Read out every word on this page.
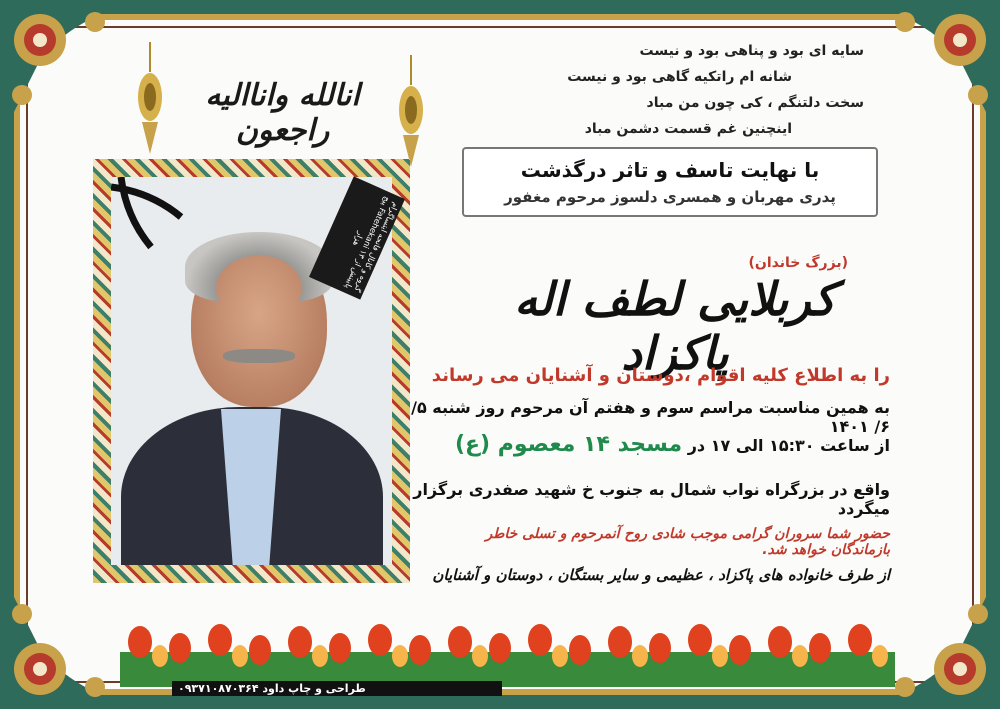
انالله وانااليه راجعون
سایه ای بود و پناهی بود و نیست
شانه ام راتکیه گاهی بود و نیست
سخت دلتنگم ، کی چون من مباد
اینچنین غم قسمت دشمن مباد
با نهایت تاسف و تاثر درگذشت
پدری مهربان و همسری دلسوز مرحوم مغفور
گروه و کانال فاتحه ایتساگرام پیج Fatehekani پایینش از ۱۳ هزار
(بزرگ خاندان)
کربلایی لطف اله پاکزاد
را به اطلاع کلیه اقوام ،دوستان و آشنایان می رساند
به همین مناسبت مراسم سوم و هفتم آن مرحوم روز شنبه ۵/ ۶/ ۱۴۰۱
از ساعت ۱۵:۳۰ الی ۱۷ در مسجد ۱۴ معصوم (ع)
واقع در بزرگراه نواب شمال به جنوب خ شهید صفدری برگزار میگردد
حضور شما سروران گرامی موجب شادی روح آنمرحوم و تسلی خاطر بازماندگان خواهد شد.
از طرف خانواده های پاکزاد ، عظیمی و سایر بستگان ، دوستان و آشنایان
طراحی و چاپ داود ۰۹۳۷۱۰۸۷۰۳۶۴
